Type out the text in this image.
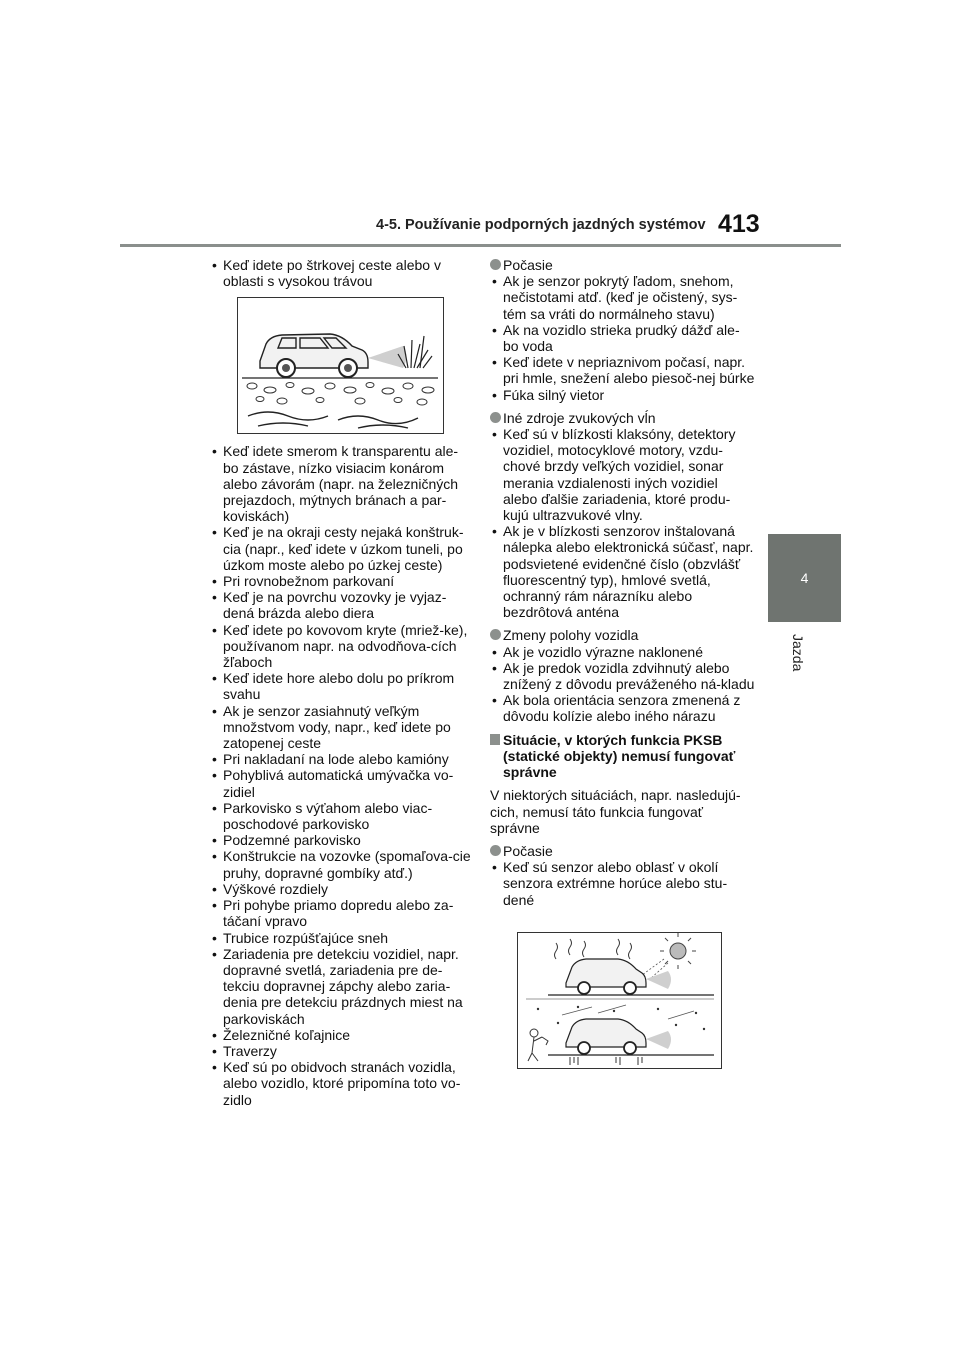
4-5. Používanie podporných jazdných systémov 413
4
Jazda
• Keď idete po štrkovej ceste alebo v oblasti s vysokou trávou
• Keď idete smerom k transparentu ale-bo zástave, nízko visiacim konárom alebo závorám (napr. na železničných prejazdoch, mýtnych bránach a par-koviskách)
• Keď je na okraji cesty nejaká konštruk-cia (napr., keď idete v úzkom tuneli, po úzkom moste alebo po úzkej ceste)
• Pri rovnobežnom parkovaní
• Keď je na povrchu vozovky je vyjaz-dená brázda alebo diera
• Keď idete po kovovom kryte (mriež-ke), používanom napr. na odvodňova-cích žľaboch
• Keď idete hore alebo dolu po príkrom svahu
• Ak je senzor zasiahnutý veľkým množstvom vody, napr., keď idete po zatopenej ceste
• Pri nakladaní na lode alebo kamióny
• Pohyblivá automatická umývačka vo-zidiel
• Parkovisko s výťahom alebo viac-poschodové parkovisko
• Podzemné parkovisko
• Konštrukcie na vozovke (spomaľova-cie pruhy, dopravné gombíky atď.)
• Výškové rozdiely
• Pri pohybe priamo dopredu alebo za-táčaní vpravo
• Trubice rozpúšťajúce sneh
• Zariadenia pre detekciu vozidiel, napr. dopravné svetlá, zariadenia pre de-tekciu dopravnej zápchy alebo zaria-denia pre detekciu prázdnych miest na parkoviskách
• Železničné koľajnice
• Traverzy
• Keď sú po obidvoch stranách vozidla, alebo vozidlo, ktoré pripomína toto vo-zidlo
Počasie
• Ak je senzor pokrytý ľadom, snehom, nečistotami atď. (keď je očistený, sys-tém sa vráti do normálneho stavu)
• Ak na vozidlo strieka prudký dážď ale-bo voda
• Keď idete v nepriaznivom počasí, napr. pri hmle, snežení alebo piesoč-nej búrke
• Fúka silný vietor
Iné zdroje zvukových vĺn
• Keď sú v blízkosti klaksóny, detektory vozidiel, motocyklové motory, vzdu-chové brzdy veľkých vozidiel, sonar merania vzdialenosti iných vozidiel alebo ďalšie zariadenia, ktoré produ-kujú ultrazvukové vlny.
• Ak je v blízkosti senzorov inštalovaná nálepka alebo elektronická súčasť, napr. podsvietené evidenčné číslo (obzvlášť fluorescentný typ), hmlové svetlá, ochranný rám nárazníku alebo bezdrôtová anténa
Zmeny polohy vozidla
• Ak je vozidlo výrazne naklonené
• Ak je predok vozidla zdvihnutý alebo znížený z dôvodu preváženého ná-kladu
• Ak bola orientácia senzora zmenená z dôvodu kolízie alebo iného nárazu
Situácie, v ktorých funkcia PKSB (statické objekty) nemusí fungovať správne
V niektorých situáciách, napr. nasledujú-cich, nemusí táto funkcia fungovať správne
Počasie
• Keď sú senzor alebo oblasť v okolí senzora extrémne horúce alebo stu-dené
